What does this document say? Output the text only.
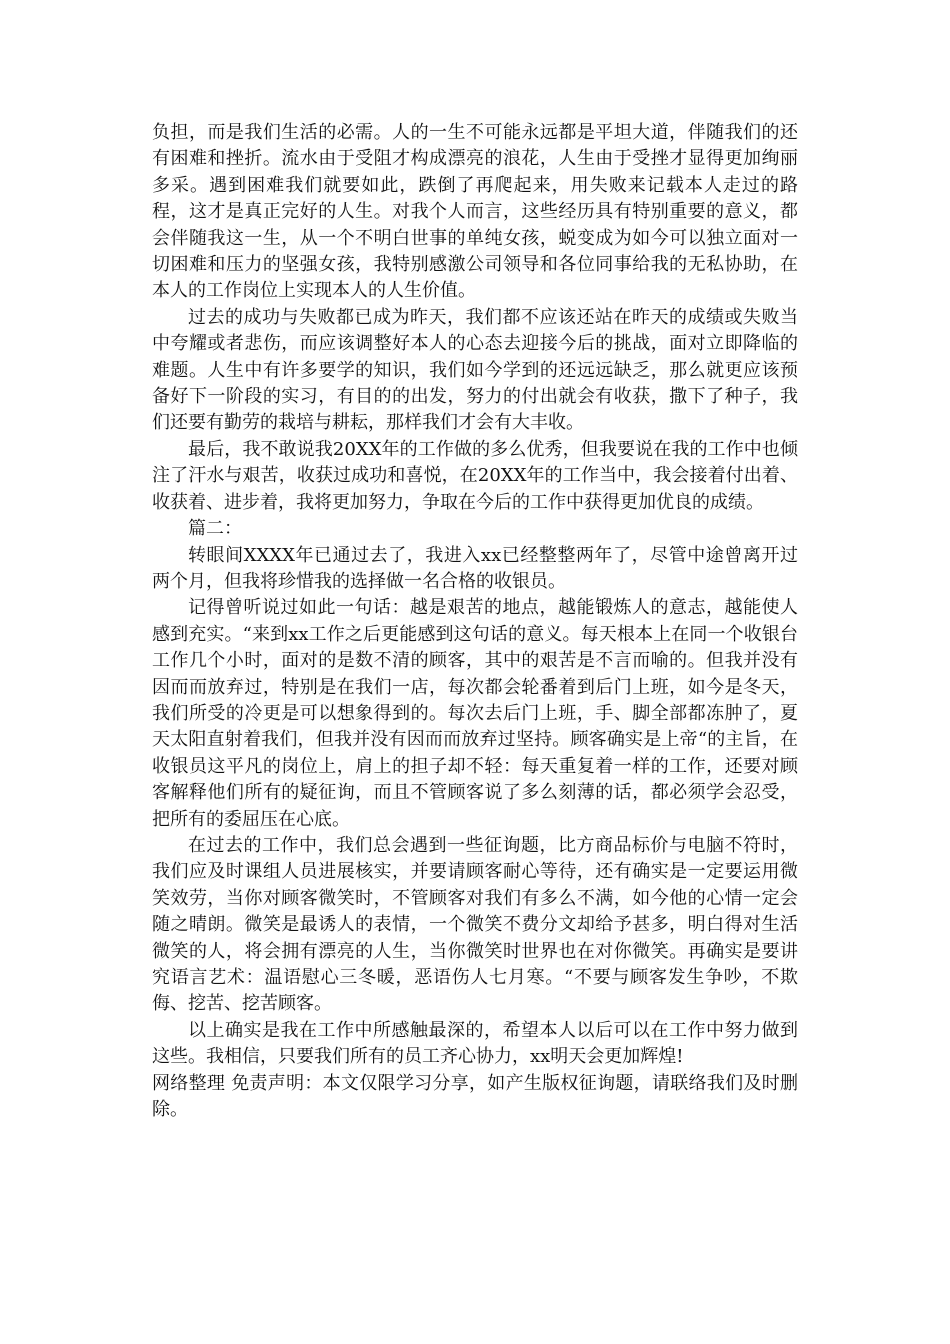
负担，而是我们生活的必需。人的一生不可能永远都是平坦大道，伴随我们的还有困难和挫折。流水由于受阻才构成漂亮的浪花，人生由于受挫才显得更加绚丽多采。遇到困难我们就要如此，跌倒了再爬起来，用失败来记载本人走过的路程，这才是真正完好的人生。对我个人而言，这些经历具有特别重要的意义，都会伴随我这一生，从一个不明白世事的单纯女孩，蜕变成为如今可以独立面对一切困难和压力的坚强女孩，我特别感激公司领导和各位同事给我的无私协助，在本人的工作岗位上实现本人的人生价值。

过去的成功与失败都已成为昨天，我们都不应该还站在昨天的成绩或失败当中夸耀或者悲伤，而应该调整好本人的心态去迎接今后的挑战，面对立即降临的难题。人生中有许多要学的知识，我们如今学到的还远远缺乏，那么就更应该预备好下一阶段的实习，有目的的出发，努力的付出就会有收获，撒下了种子，我们还要有勤劳的栽培与耕耘，那样我们才会有大丰收。

最后，我不敢说我20XX年的工作做的多么优秀，但我要说在我的工作中也倾注了汗水与艰苦，收获过成功和喜悦，在20XX年的工作当中，我会接着付出着、收获着、进步着，我将更加努力，争取在今后的工作中获得更加优良的成绩。

篇二：

转眼间XXXX年已通过去了，我进入xx已经整整两年了，尽管中途曾离开过两个月，但我将珍惜我的选择做一名合格的收银员。

记得曾听说过如此一句话：越是艰苦的地点，越能锻炼人的意志，越能使人感到充实。“来到xx工作之后更能感到这句话的意义。每天根本上在同一个收银台工作几个小时，面对的是数不清的顾客，其中的艰苦是不言而喻的。但我并没有因而而放弃过，特别是在我们一店，每次都会轮番着到后门上班，如今是冬天，我们所受的冷更是可以想象得到的。每次去后门上班，手、脚全部都冻肿了，夏天太阳直射着我们，但我并没有因而而放弃过坚持。顾客确实是上帝“的主旨，在收银员这平凡的岗位上，肩上的担子却不轻：每天重复着一样的工作，还要对顾客解释他们所有的疑征询，而且不管顾客说了多么刻薄的话，都必须学会忍受，把所有的委屈压在心底。

在过去的工作中，我们总会遇到一些征询题，比方商品标价与电脑不符时，我们应及时课组人员进展核实，并要请顾客耐心等待，还有确实是一定要运用微笑效劳，当你对顾客微笑时，不管顾客对我们有多么不满，如今他的心情一定会随之晴朗。微笑是最诱人的表情，一个微笑不费分文却给予甚多，明白得对生活微笑的人，将会拥有漂亮的人生，当你微笑时世界也在对你微笑。再确实是要讲究语言艺术：温语慰心三冬暖，恶语伤人七月寒。“不要与顾客发生争吵，不欺侮、挖苦、挖苦顾客。

以上确实是我在工作中所感触最深的，希望本人以后可以在工作中努力做到这些。我相信，只要我们所有的员工齐心协力，xx明天会更加辉煌!

网络整理 免责声明：本文仅限学习分享，如产生版权征询题，请联络我们及时删除。
